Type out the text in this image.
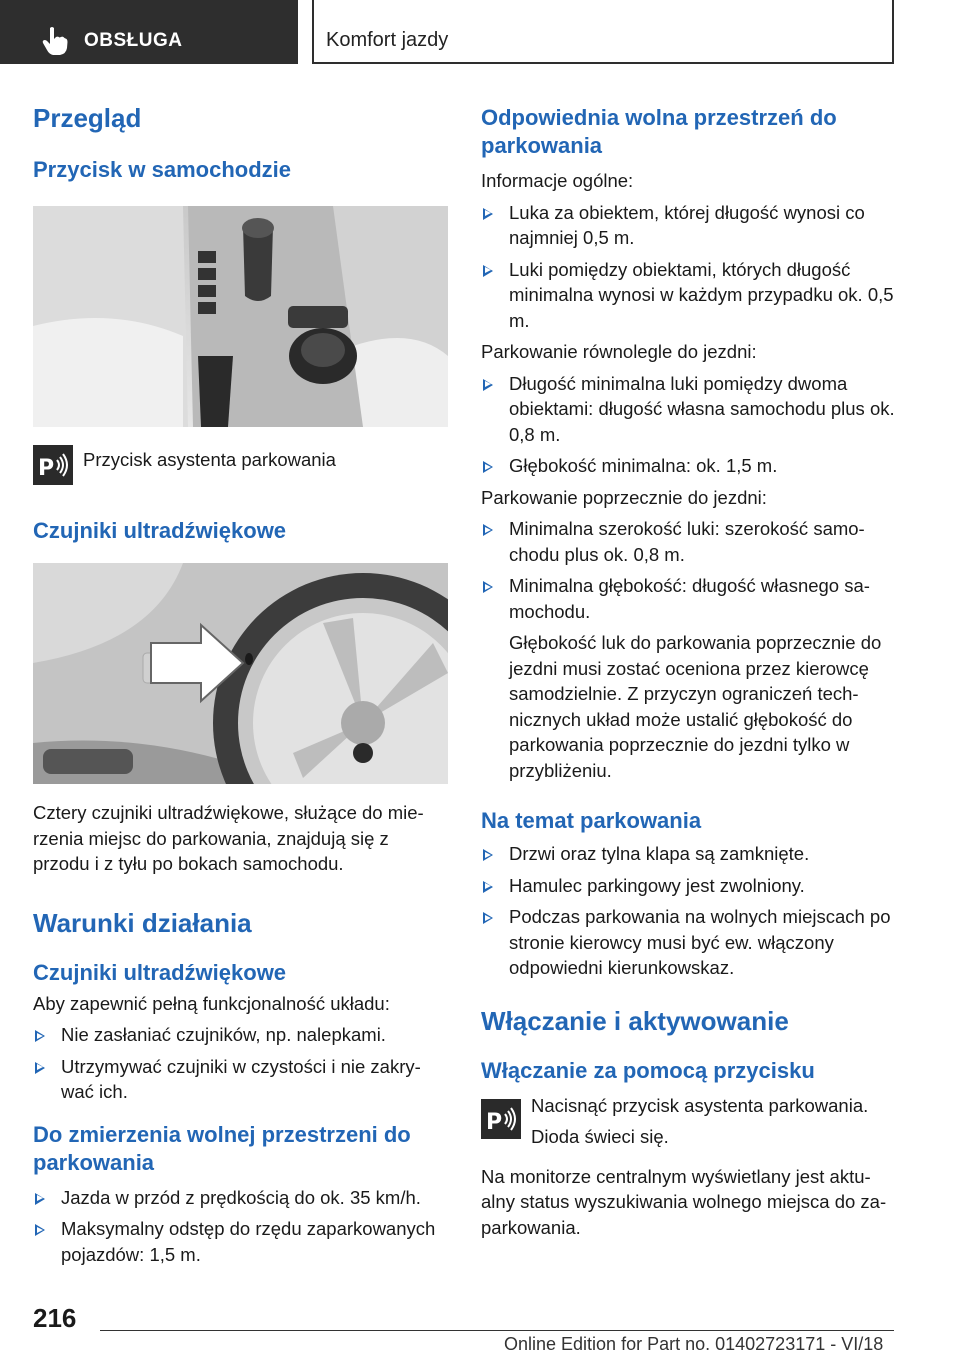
OBSŁUGA	Komfort jazdy
Przegląd
Przycisk w samochodzie
P	Przycisk asystenta parkowania

Czujniki ultradźwiękowe

Cztery czujniki ultradźwiękowe, służące do mie-rzenia miejsc do parkowania, znajdują się z przodu i z tyłu po bokach samochodu.

Warunki działania
Czujniki ultradźwiękowe

Aby zapewnić pełną funkcjonalność układu:

Nie zasłaniać czujników, np. nalepkami.
Utrzymywać czujniki w czystości i nie zakry-wać ich.
Do zmierzenia wolnej przestrzeni do parkowania
Jazda w przód z prędkością do ok. 35 km/h.
Maksymalny odstęp do rzędu zaparkowanych pojazdów: 1,5 m.
Odpowiednia wolna przestrzeń do parkowania

Informacje ogólne:

Luka za obiektem, której długość wynosi co najmniej 0,5 m.
Luki pomiędzy obiektami, których długość minimalna wynosi w każdym przypadku ok. 0,5 m.

Parkowanie równolegle do jezdni:

Długość minimalna luki pomiędzy dwoma obiektami: długość własna samochodu plus ok. 0,8 m.
Głębokość minimalna: ok. 1,5 m.

Parkowanie poprzecznie do jezdni:

Minimalna szerokość luki: szerokość samo-chodu plus ok. 0,8 m.
Minimalna głębokość: długość własnego sa-mochodu.

Głębokość luk do parkowania poprzecznie do jezdni musi zostać oceniona przez kierowcę samodzielnie. Z przyczyn ograniczeń tech-nicznych układ może ustalić głębokość do parkowania poprzecznie do jezdni tylko w przybliżeniu.

Na temat parkowania
Drzwi oraz tylna klapa są zamknięte.
Hamulec parkingowy jest zwolniony.
Podczas parkowania na wolnych miejscach po stronie kierowcy musi być ew. włączony odpowiedni kierunkowskaz.
Włączanie i aktywowanie
Włączanie za pomocą przycisku
P

Nacisnąć przycisk asystenta parkowania.

Dioda świeci się.

Na monitorze centralnym wyświetlany jest aktu-alny status wyszukiwania wolnego miejsca do za-parkowania.

216
Online Edition for Part no. 01402723171 - VI/18
